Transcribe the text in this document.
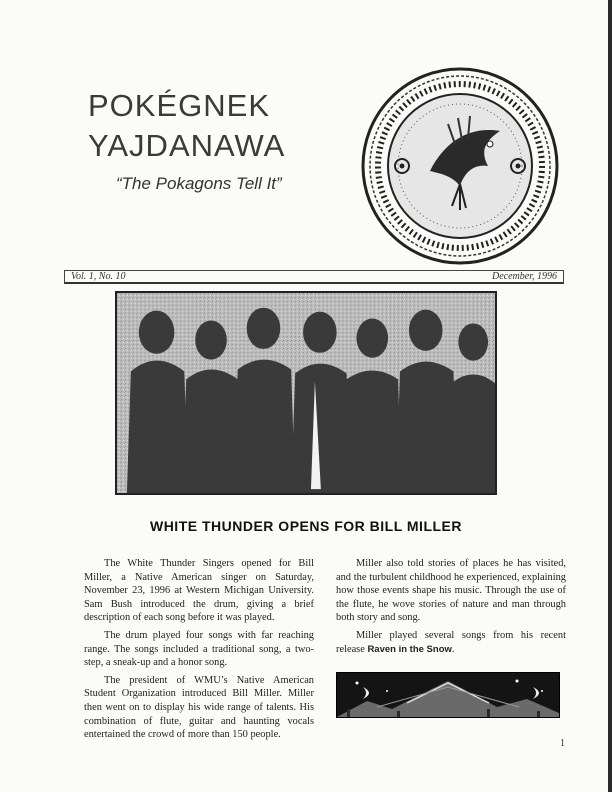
POKÉGNEK
YAJDANAWA
“The Pokagons Tell It”
Vol. 1, No. 10	December, 1996
WHITE THUNDER OPENS FOR BILL MILLER

The White Thunder Singers opened for Bill Miller, a Native American singer on Saturday, November 23, 1996 at Western Michigan University. Sam Bush introduced the drum, giving a brief description of each song before it was played.

The drum played four songs with far reaching range. The songs included a traditional song, a two-step, a sneak-up and a honor song.

The president of WMU’s Native American Student Organization introduced Bill Miller. Miller then went on to display his wide range of talents. His combination of flute, guitar and haunting vocals entertained the crowd of more than 150 people.

Miller also told stories of places he has visited, and the turbulent childhood he experienced, explaining how those events shape his music. Through the use of the flute, he wove stories of nature and man through both story and song.

Miller played several songs from his recent release Raven in the Snow.

1
